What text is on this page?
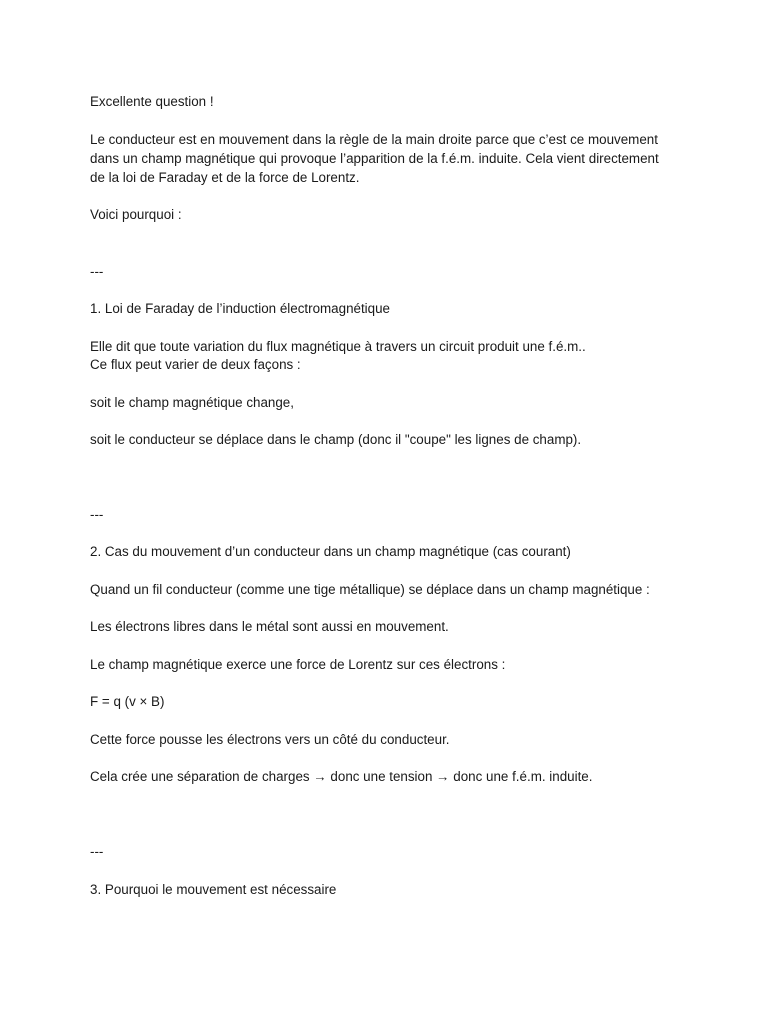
Excellente question !

Le conducteur est en mouvement dans la règle de la main droite parce que c’est ce mouvement

dans un champ magnétique qui provoque l’apparition de la f.é.m. induite. Cela vient directement

de la loi de Faraday et de la force de Lorentz.

Voici pourquoi :

---

1. Loi de Faraday de l’induction électromagnétique

Elle dit que toute variation du flux magnétique à travers un circuit produit une f.é.m..

Ce flux peut varier de deux façons :

soit le champ magnétique change,

soit le conducteur se déplace dans le champ (donc il "coupe" les lignes de champ).

---

2. Cas du mouvement d’un conducteur dans un champ magnétique (cas courant)

Quand un fil conducteur (comme une tige métallique) se déplace dans un champ magnétique :

Les électrons libres dans le métal sont aussi en mouvement.

Le champ magnétique exerce une force de Lorentz sur ces électrons :

F = q (v × B)

Cette force pousse les électrons vers un côté du conducteur.

Cela crée une séparation de charges → donc une tension → donc une f.é.m. induite.

---

3. Pourquoi le mouvement est nécessaire
